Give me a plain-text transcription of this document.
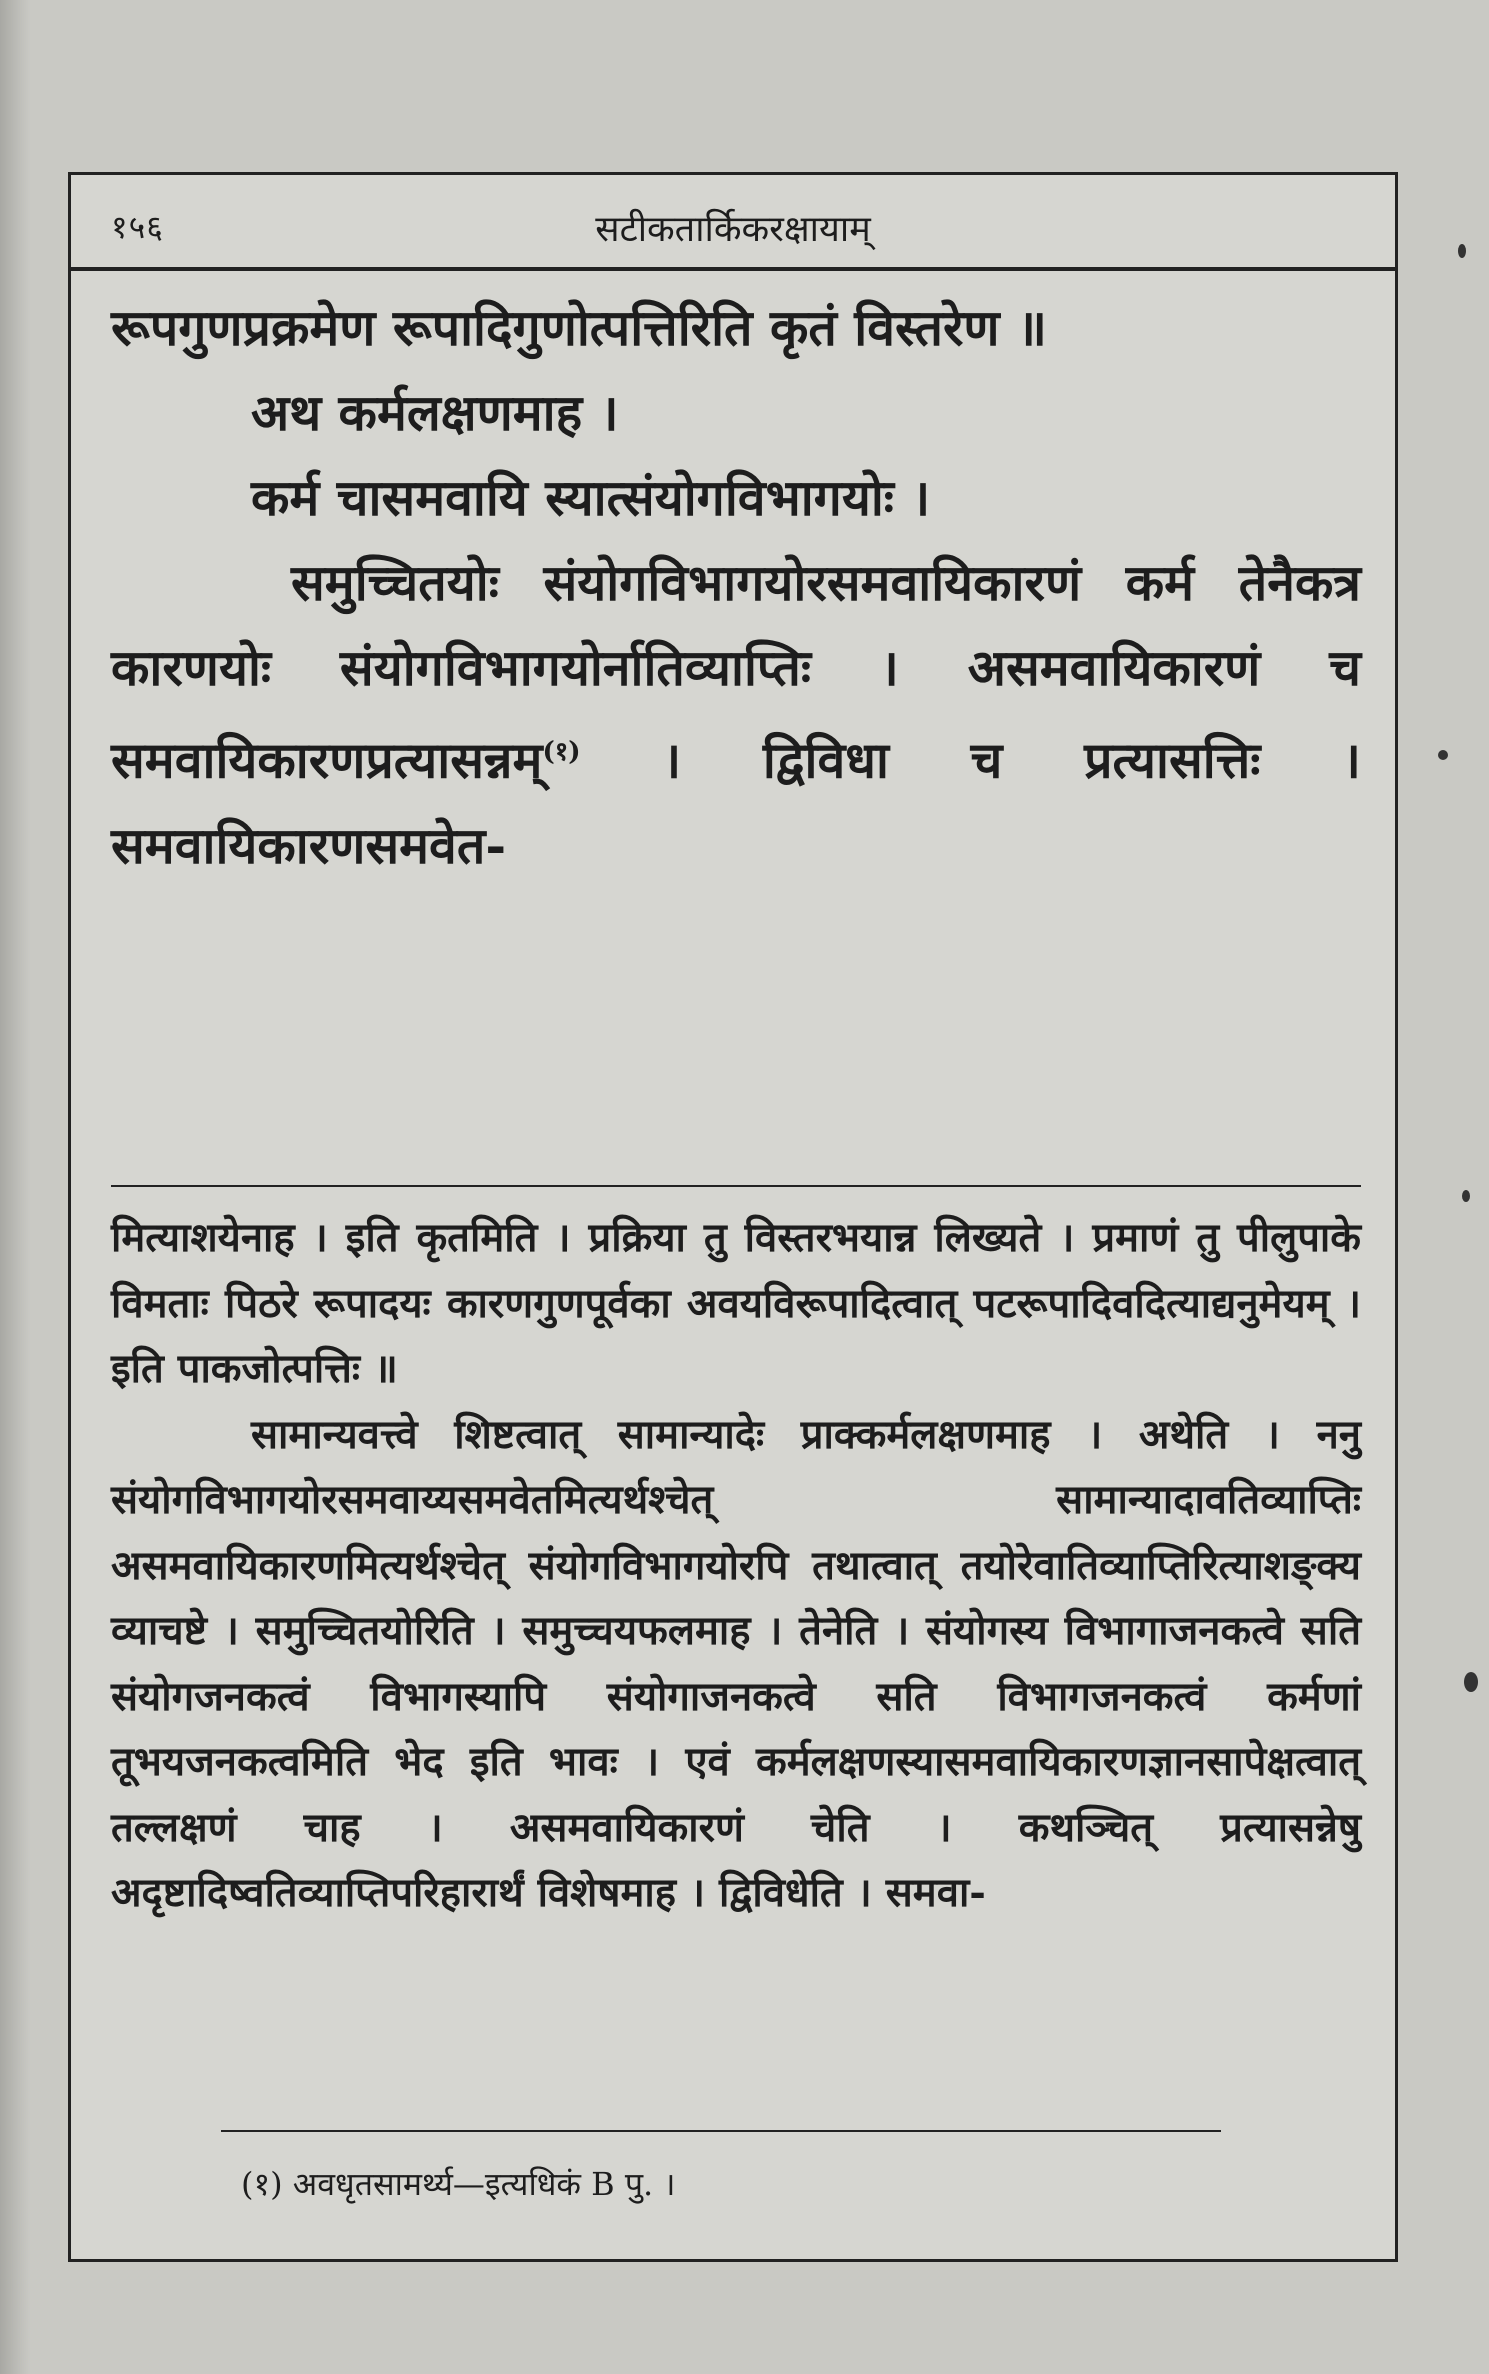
१५६	सटीकतार्किकरक्षायाम्

रूपगुणप्रक्रमेण रूपादिगुणोत्पत्तिरिति कृतं विस्तरेण ॥

अथ कर्मलक्षणमाह ।

कर्म चासमवायि स्यात्संयोगविभागयोः ।

समुच्चितयोः संयोगविभागयोरसमवायिकारणं कर्म तेनैकत्र कारणयोः संयोगविभागयोर्नातिव्याप्तिः । असमवायिकारणं च समवायिकारणप्रत्यासन्नम्$^{(१)}$ । द्विविधा च प्रत्यासत्तिः । समवायिकारणसमवेत-

मित्याशयेनाह । इति कृतमिति । प्रक्रिया तु विस्तरभयान्न लिख्यते । प्रमाणं तु पीलुपाके विमताः पिठरे रूपादयः कारणगुणपूर्वका अवयविरूपादित्वात् पटरूपादिवदित्याद्यनुमेयम् । इति पाकजोत्पत्तिः ॥

सामान्यवत्त्वे शिष्टत्वात् सामान्यादेः प्राक्कर्मलक्षणमाह । अथेति । ननु संयोगविभागयोरसमवाय्यसमवेतमित्यर्थश्चेत् सामान्यादावतिव्याप्तिः असमवायिकारणमित्यर्थश्चेत् संयोगविभागयोरपि तथात्वात् तयोरेवातिव्याप्तिरित्याशङ्क्य व्याचष्टे । समुच्चितयोरिति । समुच्चयफलमाह । तेनेति । संयोगस्य विभागाजनकत्वे सति संयोगजनकत्वं विभागस्यापि संयोगाजनकत्वे सति विभागजनकत्वं कर्मणां तूभयजनकत्वमिति भेद इति भावः । एवं कर्मलक्षणस्यासमवायिकारणज्ञानसापेक्षत्वात् तल्लक्षणं चाह । असमवायिकारणं चेति । कथञ्चित् प्रत्यासन्नेषु अदृष्टादिष्वतिव्याप्तिपरिहारार्थं विशेषमाह । द्विविधेति । समवा-

(१) अवधृतसामर्थ्य—इत्यधिकं B पु. ।
